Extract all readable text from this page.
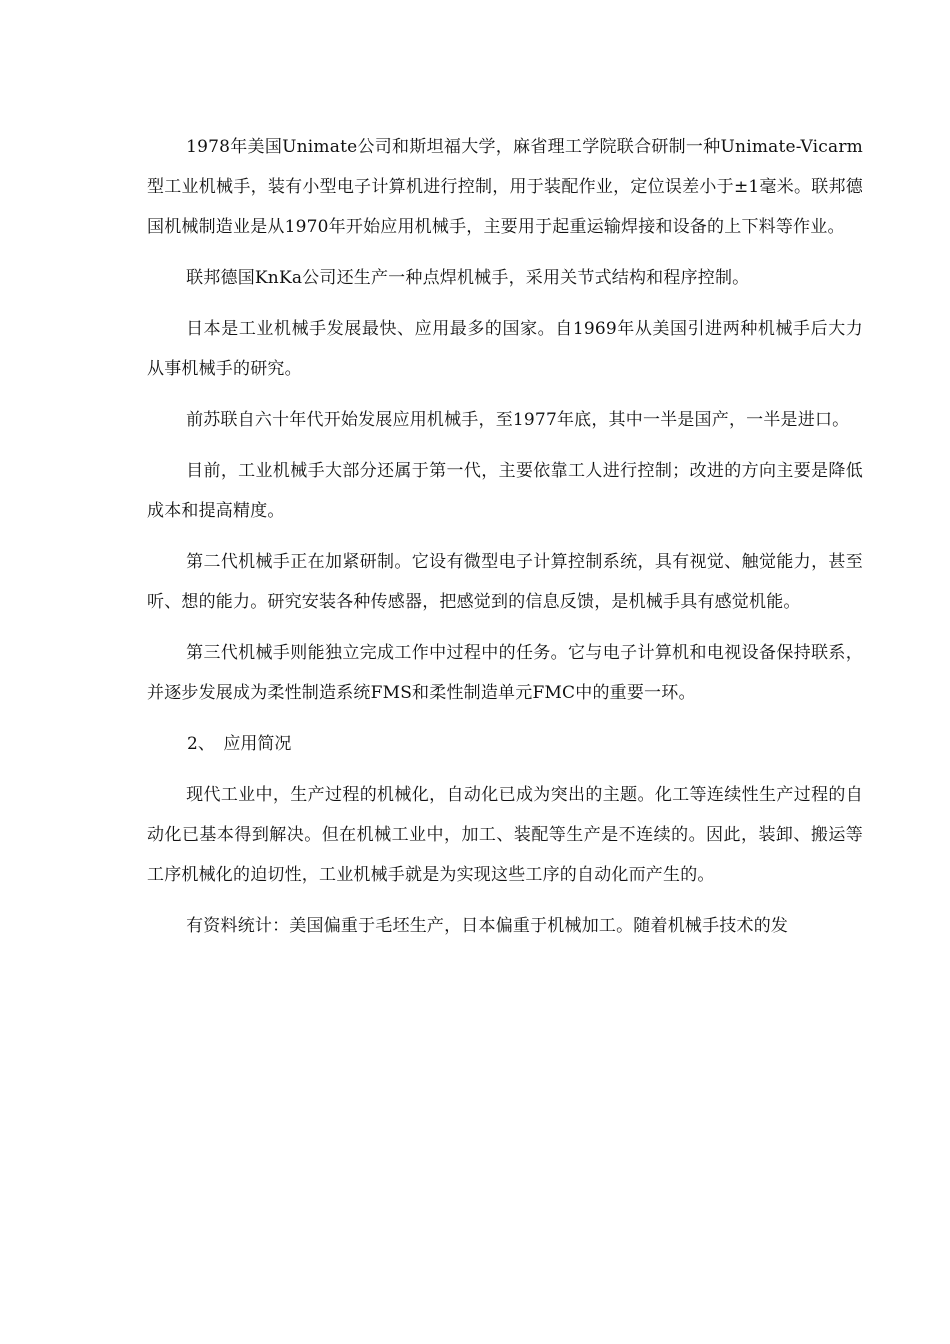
1978年美国Unimate公司和斯坦福大学，麻省理工学院联合研制一种Unimate-Vicarm型工业机械手，装有小型电子计算机进行控制，用于装配作业，定位误差小于±1毫米。联邦德国机械制造业是从1970年开始应用机械手，主要用于起重运输焊接和设备的上下料等作业。

联邦德国KnKa公司还生产一种点焊机械手，采用关节式结构和程序控制。

日本是工业机械手发展最快、应用最多的国家。自1969年从美国引进两种机械手后大力从事机械手的研究。

前苏联自六十年代开始发展应用机械手，至1977年底，其中一半是国产，一半是进口。

目前，工业机械手大部分还属于第一代，主要依靠工人进行控制；改进的方向主要是降低成本和提高精度。

第二代机械手正在加紧研制。它设有微型电子计算控制系统，具有视觉、触觉能力，甚至听、想的能力。研究安装各种传感器，把感觉到的信息反馈，是机械手具有感觉机能。

第三代机械手则能独立完成工作中过程中的任务。它与电子计算机和电视设备保持联系，并逐步发展成为柔性制造系统FMS和柔性制造单元FMC中的重要一环。

2、　应用简况

现代工业中，生产过程的机械化，自动化已成为突出的主题。化工等连续性生产过程的自动化已基本得到解决。但在机械工业中，加工、装配等生产是不连续的。因此，装卸、搬运等工序机械化的迫切性，工业机械手就是为实现这些工序的自动化而产生的。

有资料统计：美国偏重于毛坯生产，日本偏重于机械加工。随着机械手技术的发
